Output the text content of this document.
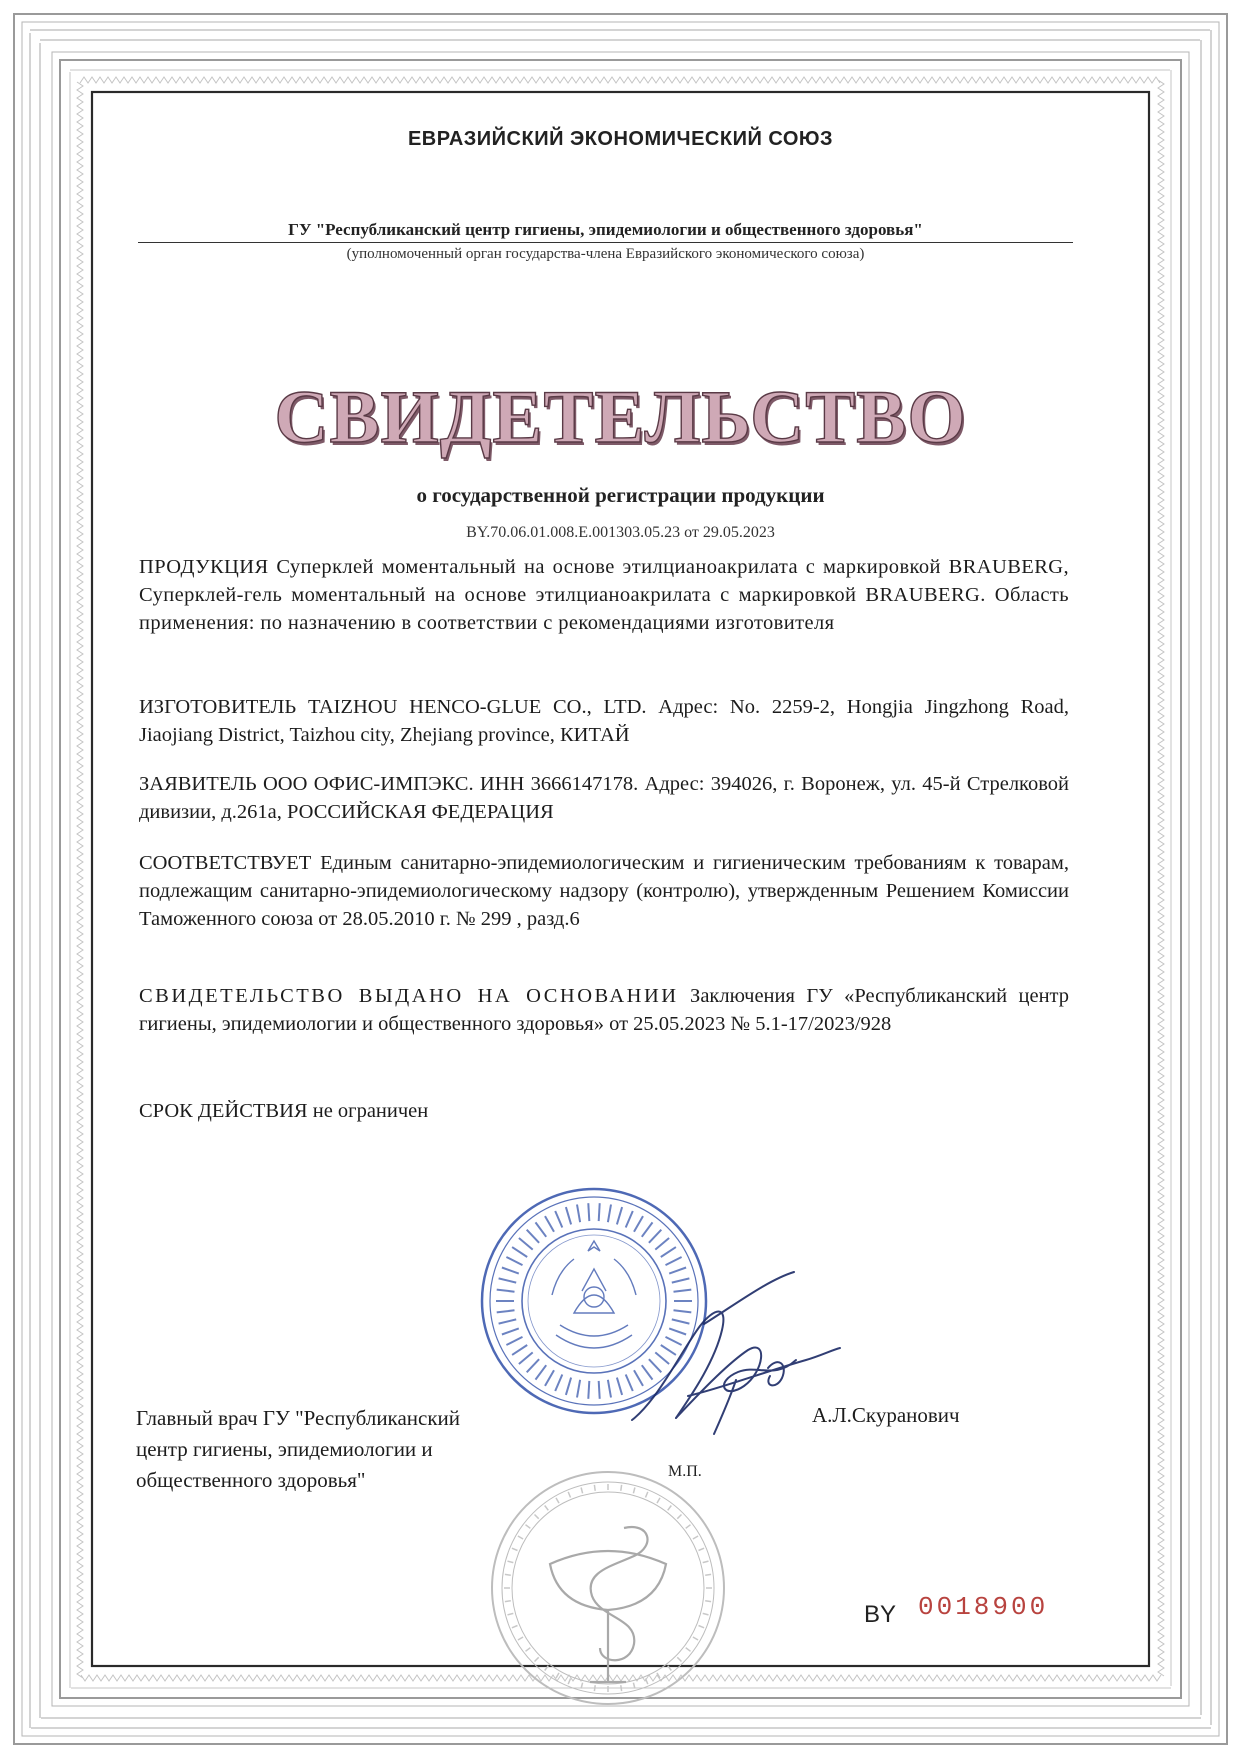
ЕВРАЗИЙСКИЙ ЭКОНОМИЧЕСКИЙ СОЮЗ
ГУ "Республиканский центр гигиены, эпидемиологии и общественного здоровья"
(уполномоченный орган государства-члена Евразийского экономического союза)
СВИДЕТЕЛЬСТВО
о государственной регистрации продукции
BY.70.06.01.008.E.001303.05.23 от 29.05.2023
ПРОДУКЦИЯ Суперклей моментальный на основе этилцианоакрилата с маркировкой BRAUBERG, Суперклей-гель моментальный на основе этилцианоакрилата с маркировкой BRAUBERG. Область применения: по назначению в соответствии с рекомендациями изготовителя
ИЗГОТОВИТЕЛЬ TAIZHOU HENCO-GLUE CO., LTD. Адрес: No. 2259-2, Hongjia Jingzhong Road, Jiaojiang District, Taizhou city, Zhejiang province, КИТАЙ
ЗАЯВИТЕЛЬ ООО ОФИС-ИМПЭКС. ИНН 3666147178. Адрес: 394026, г. Воронеж, ул. 45-й Стрелковой дивизии, д.261а, РОССИЙСКАЯ ФЕДЕРАЦИЯ
СООТВЕТСТВУЕТ Единым санитарно-эпидемиологическим и гигиеническим требованиям к товарам, подлежащим санитарно-эпидемиологическому надзору (контролю), утвержденным Решением Комиссии Таможенного союза от 28.05.2010 г. № 299 , разд.6
СВИДЕТЕЛЬСТВО ВЫДАНО НА ОСНОВАНИИ Заключения ГУ «Республиканский центр гигиены, эпидемиологии и общественного здоровья» от 25.05.2023 № 5.1-17/2023/928
СРОК ДЕЙСТВИЯ не ограничен
Главный врач ГУ "Республиканский
центр гигиены, эпидемиологии и
общественного здоровья"
А.Л.Скуранович
М.П.
BY 0018900
